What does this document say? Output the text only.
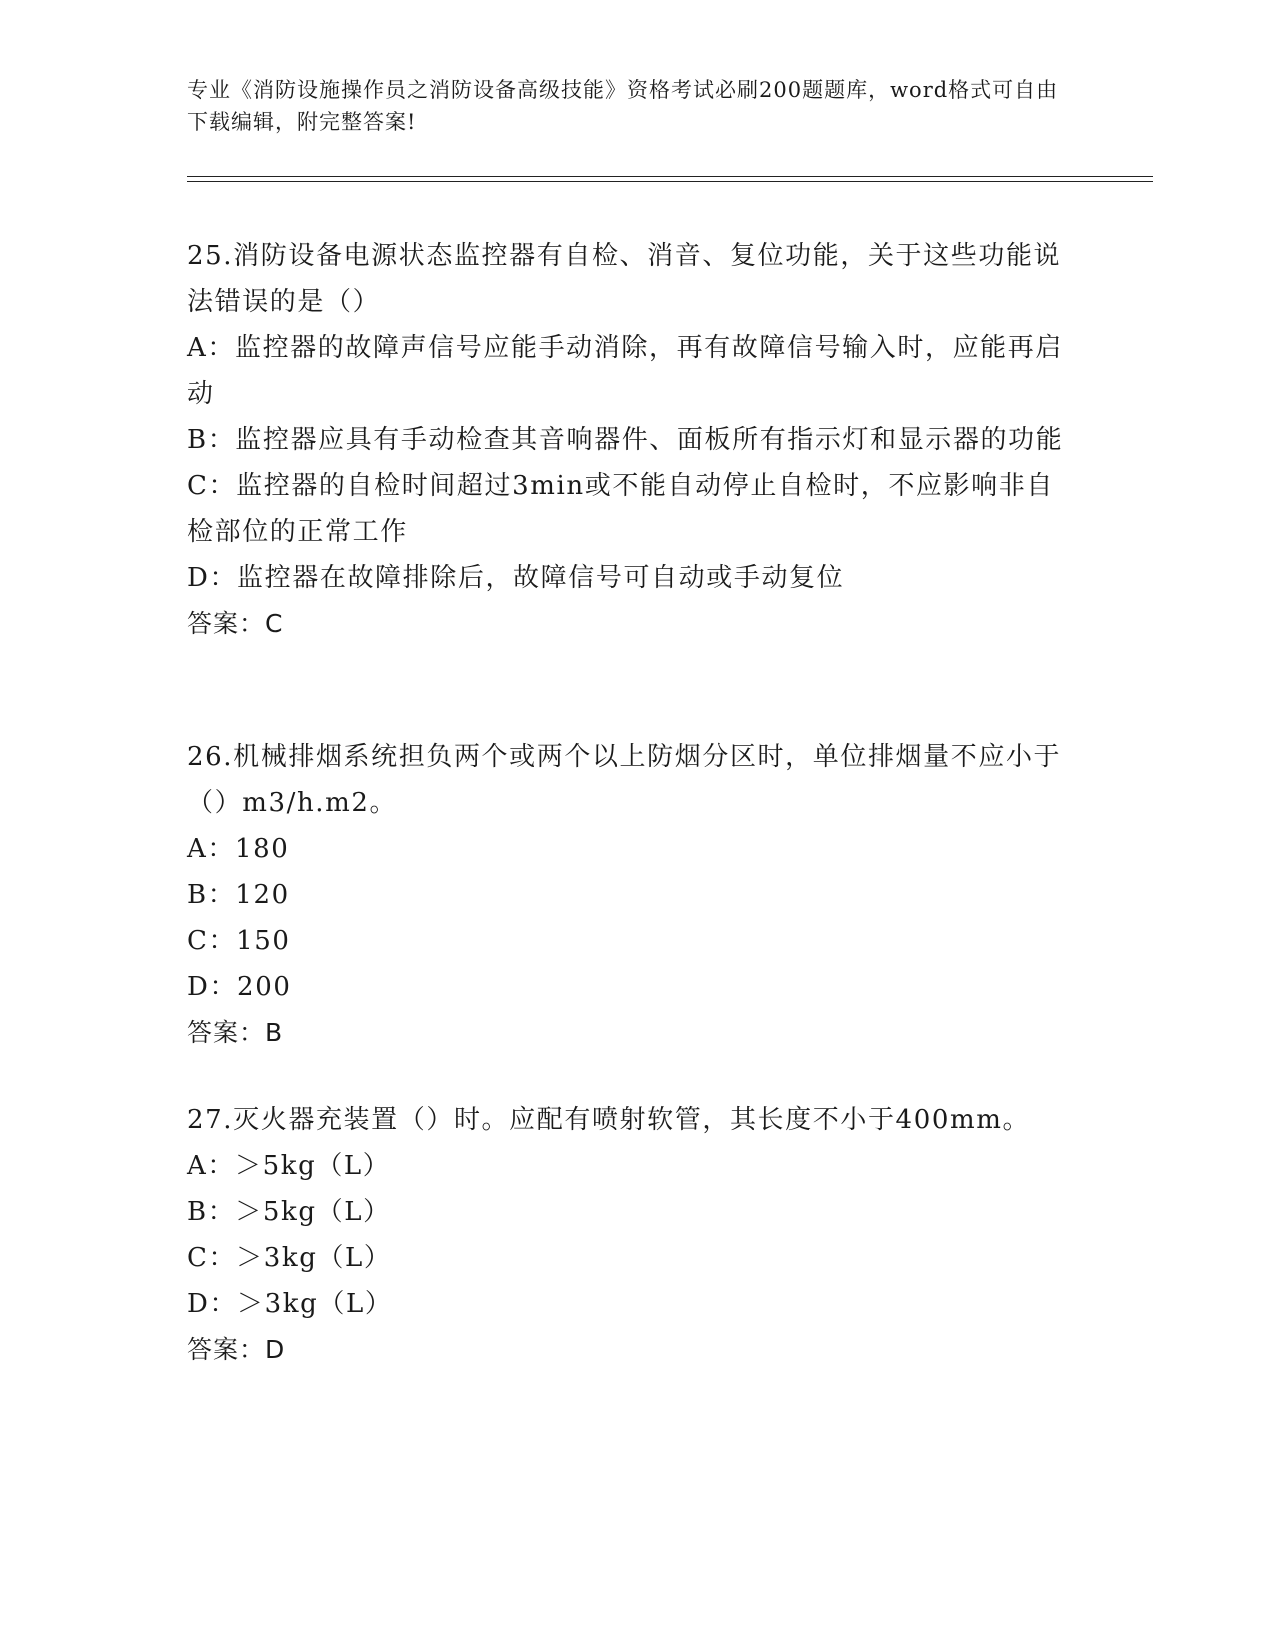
专业《消防设施操作员之消防设备高级技能》资格考试必刷200题题库，word格式可自由下载编辑，附完整答案!
25.消防设备电源状态监控器有自检、消音、复位功能，关于这些功能说法错误的是（）
A：监控器的故障声信号应能手动消除，再有故障信号输入时，应能再启动
B：监控器应具有手动检查其音响器件、面板所有指示灯和显示器的功能
C：监控器的自检时间超过3min或不能自动停止自检时，不应影响非自检部位的正常工作
D：监控器在故障排除后，故障信号可自动或手动复位
答案：C
26.机械排烟系统担负两个或两个以上防烟分区时，单位排烟量不应小于（）m3/h.m2。
A：180
B：120
C：150
D：200
答案：B
27.灭火器充装置（）时。应配有喷射软管，其长度不小于400mm。
A：＞5kg（L）
B：＞5kg（L）
C：＞3kg（L）
D：＞3kg（L）
答案：D
